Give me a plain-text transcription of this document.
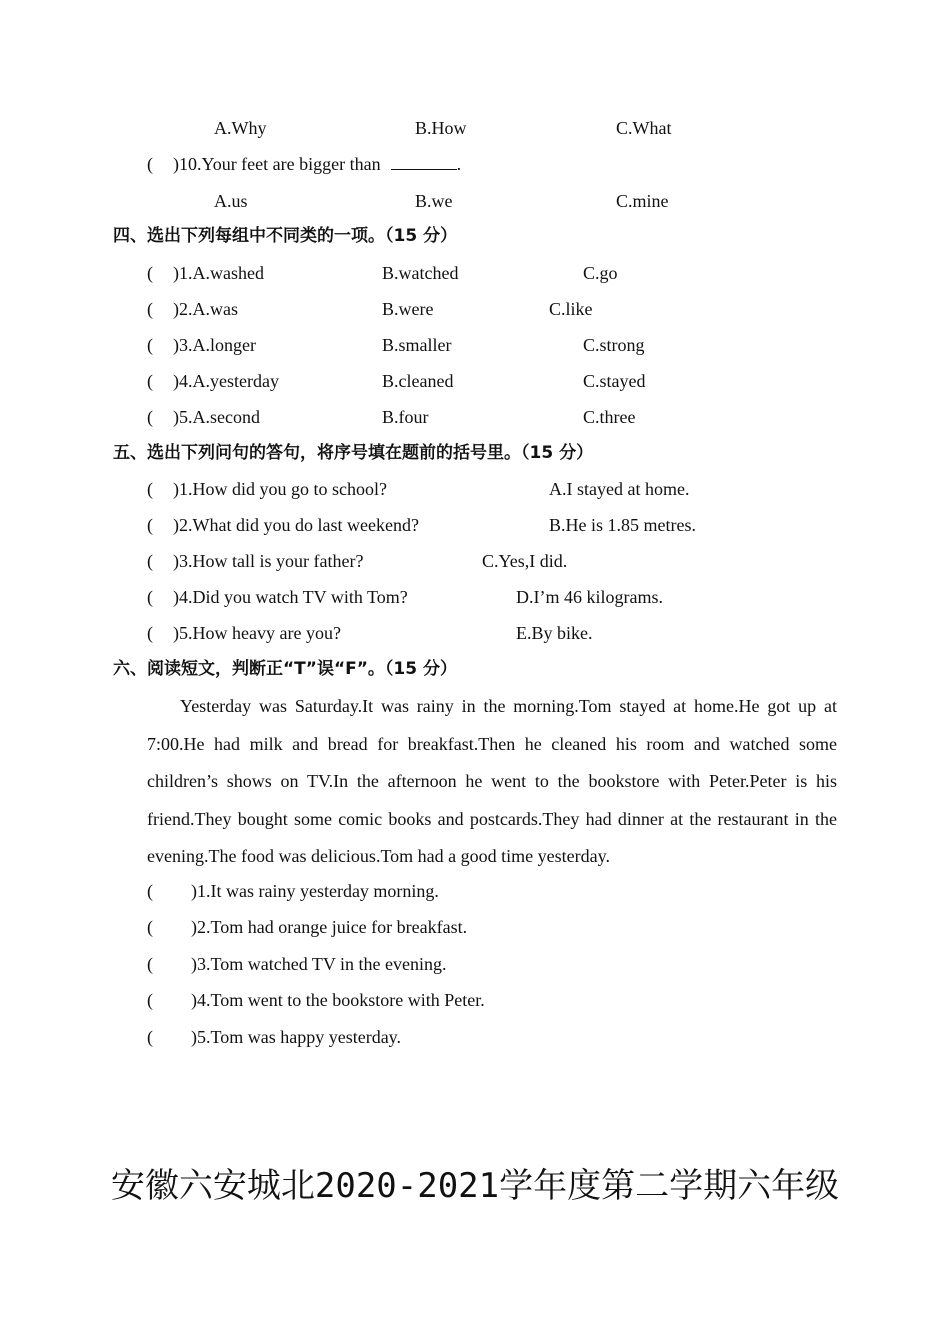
A.Why	B.How	C.What
( )10.Your feet are bigger than	.
A.us	B.we	C.mine
四、选出下列每组中不同类的一项。（15 分）
( )1.A.washed	B.watched	C.go
( )2.A.was	B.were	C.like
( )3.A.longer	B.smaller	C.strong
( )4.A.yesterday	B.cleaned	C.stayed
( )5.A.second	B.four	C.three
五、选出下列问句的答句，将序号填在题前的括号里。（15 分）
( )1.How did you go to school?	A.I stayed at home.
( )2.What did you do last weekend?	B.He is 1.85 metres.
( )3.How tall is your father?	C.Yes,I did.
( )4.Did you watch TV with Tom?	D.I’m 46 kilograms.
( )5.How heavy are you?	E.By bike.
六、阅读短文，判断正“T”误“F”。（15 分）
Yesterday was Saturday.It was rainy in the morning.Tom stayed at home.He got up at 7:00.He had milk and bread for breakfast.Then he cleaned his room and watched some children’s shows on TV.In the afternoon he went to the bookstore with Peter.Peter is his friend.They bought some comic books and postcards.They had dinner at the restaurant in the evening.The food was delicious.Tom had a good time yesterday.
( )1.It was rainy yesterday morning.
( )2.Tom had orange juice for breakfast.
( )3.Tom watched TV in the evening.
( )4.Tom went to the bookstore with Peter.
( )5.Tom was happy yesterday.
安徽六安城北2020-2021学年度第二学期六年级
